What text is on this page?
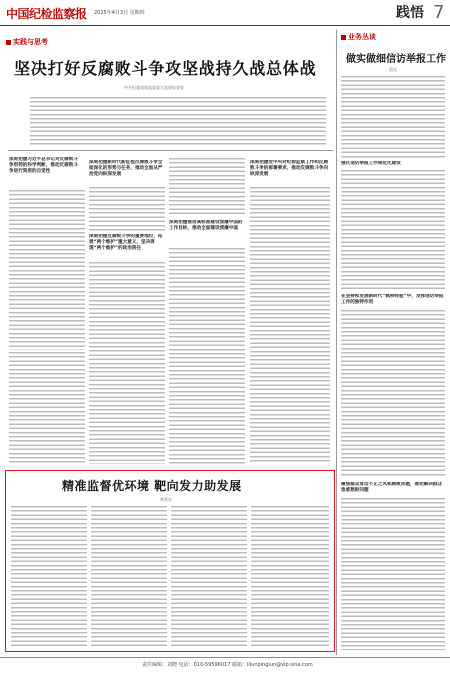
中国纪检监察报 2025年4月3日 星期四	践悟 7
实践与思考
坚决打好反腐败斗争攻坚战持久战总体战
中共纪委国家监委第九监督检查室
深刻把握习近平总书记对反腐败斗争形势的科学判断，推动反腐败斗争进行到底的自觉性
深刻把握新时代新征程反腐败斗争全面深化的形势与任务，推动全面从严治党向纵深发展
深刻把握反腐败斗争的重要地位，拓展“两个维护”重大意义，坚决再现“两个维护”的政治责任
深刻把握推进高标准建设清廉中国的工作目标，推动全面建设清廉中国
深刻把握党中央对纪检监察工作和反腐败斗争的部署要求，推动反腐败斗争向纵深发展
精准监督优环境 靶向发力助发展
黄兆东
业务丛谈
做实做细信访举报工作
晨光
强化信访举报工作规范化建设
在坚持和发展新时代“枫桥经验”中，发挥信访举报工作的独特作用
聚焦群众身边不正之风和腐败问题，推动解决群众急难愁盼问题
责任编辑：刘晓 电话：010-59596017 邮箱：lilunpinglun@vip.sina.com
